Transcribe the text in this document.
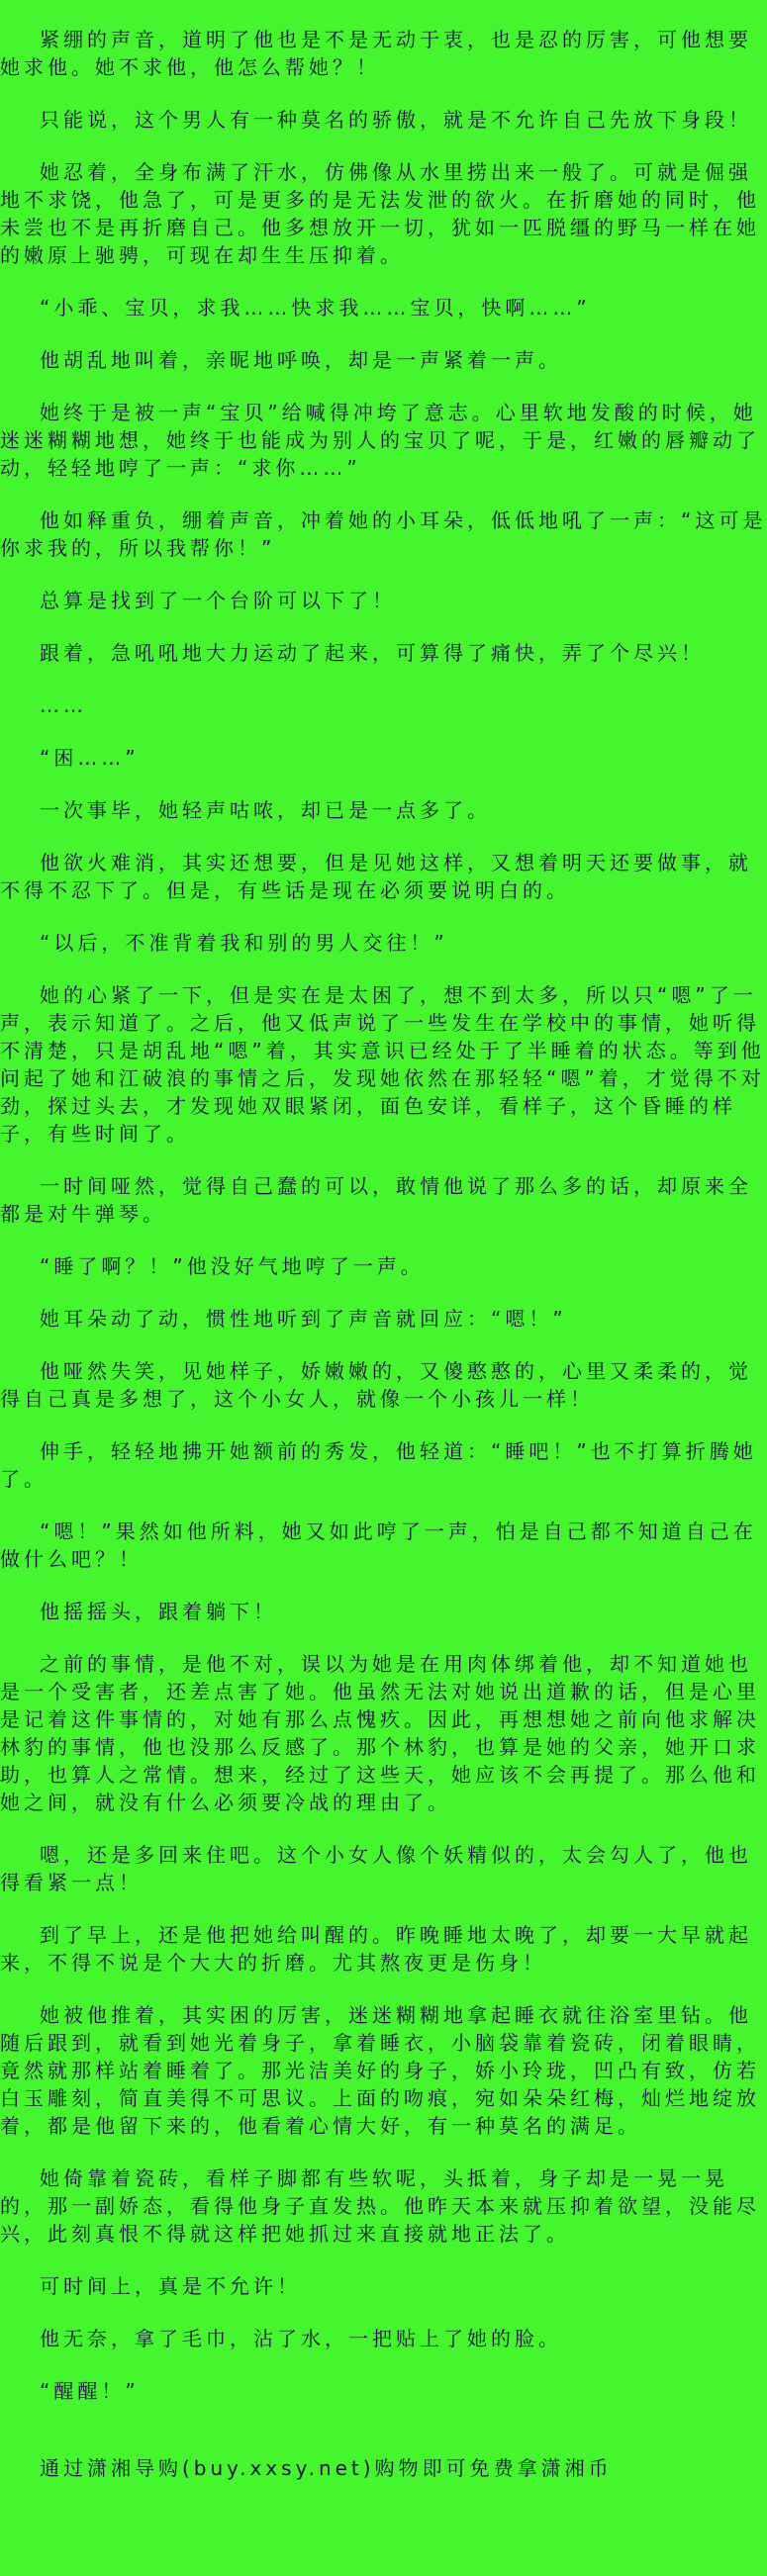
紧绷的声音，道明了他也是不是无动于衷，也是忍的厉害，可他想要她求他。她不求他，他怎么帮她？！

只能说，这个男人有一种莫名的骄傲，就是不允许自己先放下身段！

她忍着，全身布满了汗水，仿佛像从水里捞出来一般了。可就是倔强地不求饶，他急了，可是更多的是无法发泄的欲火。在折磨她的同时，他未尝也不是再折磨自己。他多想放开一切，犹如一匹脱缰的野马一样在她的嫩原上驰骋，可现在却生生压抑着。

“小乖、宝贝，求我……快求我……宝贝，快啊……”

他胡乱地叫着，亲昵地呼唤，却是一声紧着一声。

她终于是被一声“宝贝”给喊得冲垮了意志。心里软地发酸的时候，她迷迷糊糊地想，她终于也能成为别人的宝贝了呢，于是，红嫩的唇瓣动了动，轻轻地哼了一声：“求你……”

他如释重负，绷着声音，冲着她的小耳朵，低低地吼了一声：“这可是你求我的，所以我帮你！”

总算是找到了一个台阶可以下了！

跟着，急吼吼地大力运动了起来，可算得了痛快，弄了个尽兴！

……

“困……”

一次事毕，她轻声咕哝，却已是一点多了。

他欲火难消，其实还想要，但是见她这样，又想着明天还要做事，就不得不忍下了。但是，有些话是现在必须要说明白的。

“以后，不准背着我和别的男人交往！”

她的心紧了一下，但是实在是太困了，想不到太多，所以只“嗯”了一声，表示知道了。之后，他又低声说了一些发生在学校中的事情，她听得不清楚，只是胡乱地“嗯”着，其实意识已经处于了半睡着的状态。等到他问起了她和江破浪的事情之后，发现她依然在那轻轻“嗯”着，才觉得不对劲，探过头去，才发现她双眼紧闭，面色安详，看样子，这个昏睡的样子，有些时间了。

一时间哑然，觉得自己蠢的可以，敢情他说了那么多的话，却原来全都是对牛弹琴。

“睡了啊？！”他没好气地哼了一声。

她耳朵动了动，惯性地听到了声音就回应：“嗯！”

他哑然失笑，见她样子，娇嫩嫩的，又傻憨憨的，心里又柔柔的，觉得自己真是多想了，这个小女人，就像一个小孩儿一样！

伸手，轻轻地拂开她额前的秀发，他轻道：“睡吧！”也不打算折腾她了。

“嗯！”果然如他所料，她又如此哼了一声，怕是自己都不知道自己在做什么吧？！

他摇摇头，跟着躺下！

之前的事情，是他不对，误以为她是在用肉体绑着他，却不知道她也是一个受害者，还差点害了她。他虽然无法对她说出道歉的话，但是心里是记着这件事情的，对她有那么点愧疚。因此，再想想她之前向他求解决林豹的事情，他也没那么反感了。那个林豹，也算是她的父亲，她开口求助，也算人之常情。想来，经过了这些天，她应该不会再提了。那么他和她之间，就没有什么必须要冷战的理由了。

嗯，还是多回来住吧。这个小女人像个妖精似的，太会勾人了，他也得看紧一点！

到了早上，还是他把她给叫醒的。昨晚睡地太晚了，却要一大早就起来，不得不说是个大大的折磨。尤其熬夜更是伤身！

她被他推着，其实困的厉害，迷迷糊糊地拿起睡衣就往浴室里钻。他随后跟到，就看到她光着身子，拿着睡衣，小脑袋靠着瓷砖，闭着眼睛，竟然就那样站着睡着了。那光洁美好的身子，娇小玲珑，凹凸有致，仿若白玉雕刻，简直美得不可思议。上面的吻痕，宛如朵朵红梅，灿烂地绽放着，都是他留下来的，他看着心情大好，有一种莫名的满足。

她倚靠着瓷砖，看样子脚都有些软呢，头抵着，身子却是一晃一晃的，那一副娇态，看得他身子直发热。他昨天本来就压抑着欲望，没能尽兴，此刻真恨不得就这样把她抓过来直接就地正法了。

可时间上，真是不允许！

他无奈，拿了毛巾，沾了水，一把贴上了她的脸。

“醒醒！”

通过潇湘导购(buy.xxsy.net)购物即可免费拿潇湘币
